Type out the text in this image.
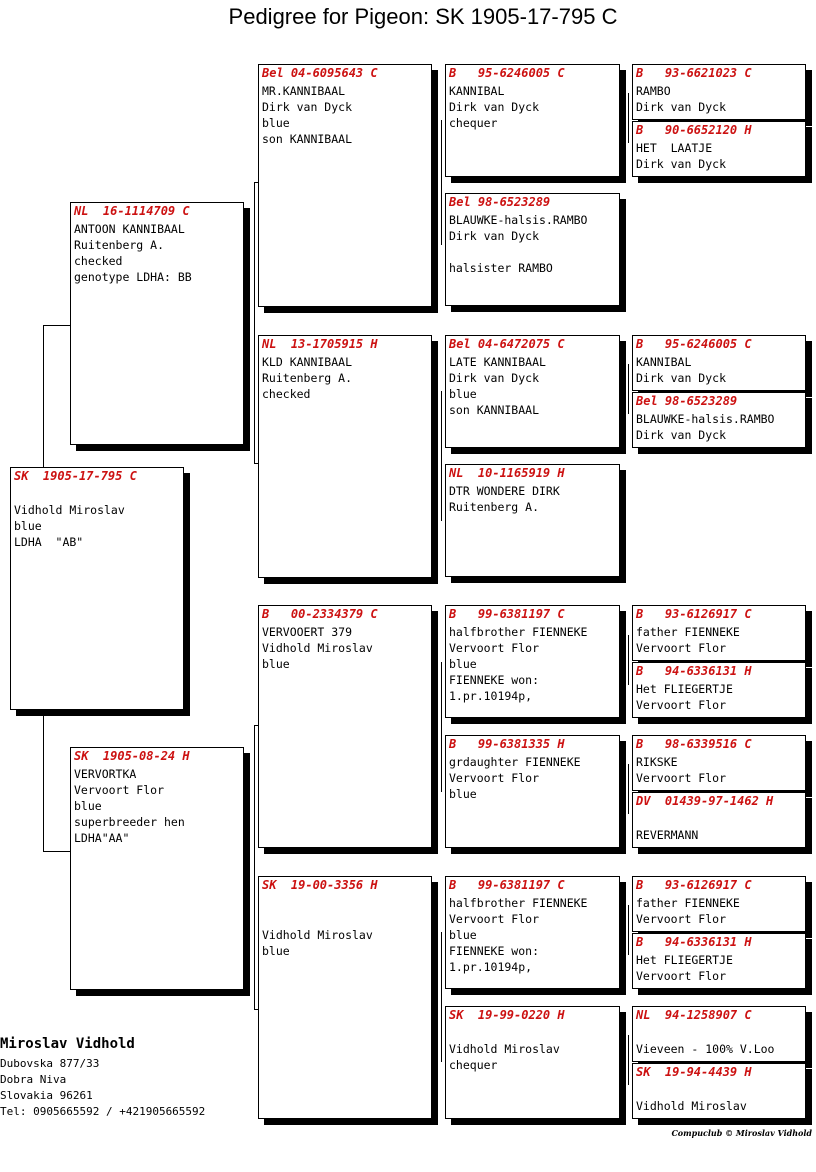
Pedigree for Pigeon: SK 1905-17-795 C
SK  1905-17-795 C

Vidhold Miroslav
blue
LDHA  "AB"
NL  16-1114709 C
ANTOON KANNIBAAL
Ruitenberg A.
checked
genotype LDHA: BB
SK  1905-08-24 H
VERVORTKA
Vervoort Flor
blue
superbreeder hen
LDHA"AA"
Bel 04-6095643 C
MR.KANNIBAAL
Dirk van Dyck
blue
son KANNIBAAL
NL  13-1705915 H
KLD KANNIBAAL
Ruitenberg A.
checked
B   00-2334379 C
VERVOOERT 379
Vidhold Miroslav
blue
SK  19-00-3356 H

Vidhold Miroslav
blue
B   95-6246005 C
KANNIBAL
Dirk van Dyck
chequer
Bel 98-6523289
BLAUWKE-halsis.RAMBO
Dirk van Dyck

halsister RAMBO
Bel 04-6472075 C
LATE KANNIBAAL
Dirk van Dyck
blue
son KANNIBAAL
NL  10-1165919 H
DTR WONDERE DIRK
Ruitenberg A.
B   99-6381197 C
halfbrother FIENNEKE
Vervoort Flor
blue
FIENNEKE won:
1.pr.10194p,
B   99-6381335 H
grdaughter FIENNEKE
Vervoort Flor
blue
B   99-6381197 C
halfbrother FIENNEKE
Vervoort Flor
blue
FIENNEKE won:
1.pr.10194p,
SK  19-99-0220 H

Vidhold Miroslav
chequer
B   93-6621023 C
RAMBO
Dirk van Dyck
B   90-6652120 H
HET  LAATJE
Dirk van Dyck
B   95-6246005 C
KANNIBAL
Dirk van Dyck
Bel 98-6523289
BLAUWKE-halsis.RAMBO
Dirk van Dyck
B   93-6126917 C
father FIENNEKE
Vervoort Flor
B   94-6336131 H
Het FLIEGERTJE
Vervoort Flor
B   98-6339516 C
RIKSKE
Vervoort Flor
DV  01439-97-1462 H

REVERMANN
B   93-6126917 C
father FIENNEKE
Vervoort Flor
B   94-6336131 H
Het FLIEGERTJE
Vervoort Flor
NL  94-1258907 C

Vieveen - 100% V.Loo
SK  19-94-4439 H

Vidhold Miroslav
Miroslav Vidhold
Dubovska 877/33
Dobra Niva
Slovakia 96261
Tel: 0905665592 / +421905665592
Compuclub © Miroslav Vidhold
